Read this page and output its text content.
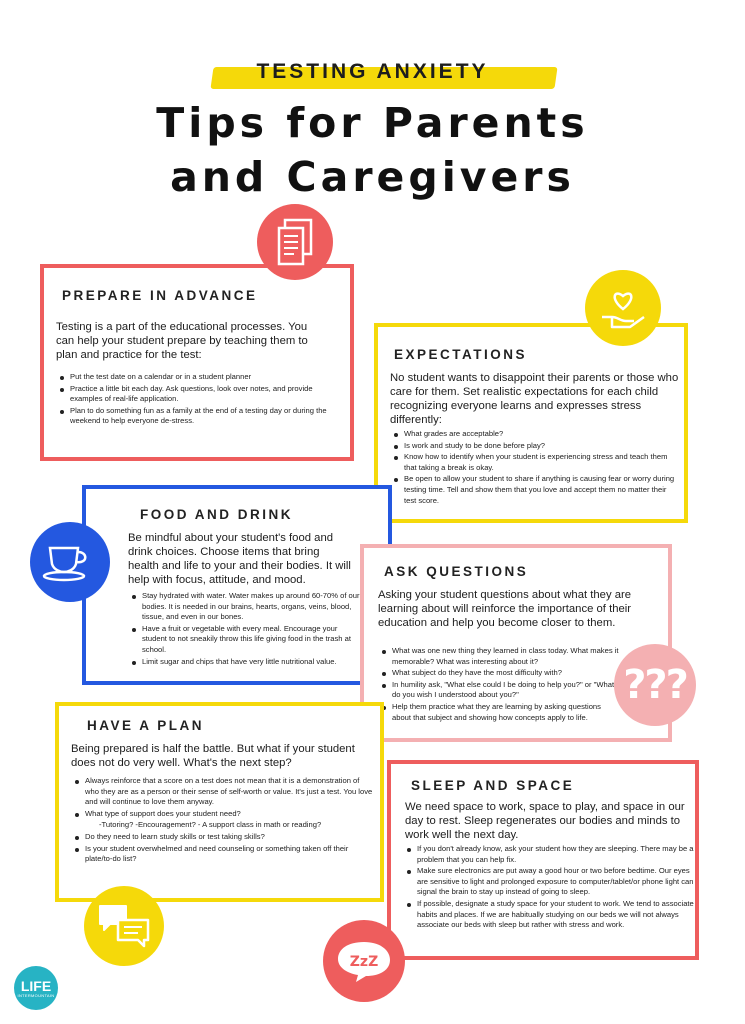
TESTING ANXIETY
Tips for Parents
and Caregivers
PREPARE IN ADVANCE
Testing is a part of the educational processes. You can help your student prepare by teaching them to plan and practice for the test:
Put the test date on a calendar or in a student planner
Practice a little bit each day. Ask questions, look over notes, and provide examples of real-life application.
Plan to do something fun as a family at the end of a testing day or during the weekend to help everyone de-stress.
EXPECTATIONS
No student wants to disappoint their parents or those who care for them. Set realistic expectations for each child recognizing everyone learns and expresses stress differently:
What grades are acceptable?
Is work and study to be done before play?
Know how to identify when your student is experiencing stress and teach them that taking a break is okay.
Be open to allow your student to share if anything is causing fear or worry during testing time. Tell and show them that you love and accept them no matter their test score.
FOOD AND DRINK
Be mindful about your student's food and drink choices. Choose items that bring health and life to your and their bodies. It will help with focus, attitude, and mood.
Stay hydrated with water. Water makes up around 60-70% of our bodies. It is needed in our brains, hearts, organs, veins, blood, tissue, and even in our bones.
Have a fruit or vegetable with every meal. Encourage your student to not sneakily throw this life giving food in the trash at school.
Limit sugar and chips that have very little nutritional value.
ASK QUESTIONS
Asking your student questions about what they are learning about will reinforce the importance of their education and help you become closer to them.
What was one new thing they learned in class today. What makes it memorable? What was interesting about it?
What subject do they have the most difficulty with?
In humility ask, "What else could I be doing to help you?" or "What do you wish I understood about you?"
Help them practice what they are learning by asking questions about that subject and showing how concepts apply to life.
???
HAVE A PLAN
Being prepared is half the battle. But what if your student does not do very well. What's the next step?
Always reinforce that a score on a test does not mean that it is a demonstration of who they are as a person or their sense of self-worth or value. It's just a test. You love and will continue to love them anyway.
What type of support does your student need?
-Tutoring? -Encouragement? - A support class in math or reading?
Do they need to learn study skills or test taking skills?
Is your student overwhelmed and need counseling or something taken off their plate/to-do list?
SLEEP AND SPACE
We need space to work, space to play, and space in our day to rest. Sleep regenerates our bodies and minds to work well the next day.
If you don't already know, ask your student how they are sleeping. There may be a problem that you can help fix.
Make sure electronics are put away a good hour or two before bedtime. Our eyes are sensitive to light and prolonged exposure to computer/tablet/or phone light can signal the brain to stay up instead of going to sleep.
If possible, designate a study space for your student to work. We tend to associate habits and places. If we are habitually studying on our beds we will not always associate our beds with sleep but rather with stress and work.
ZzZ
LIFE
INTERMOUNTAIN
